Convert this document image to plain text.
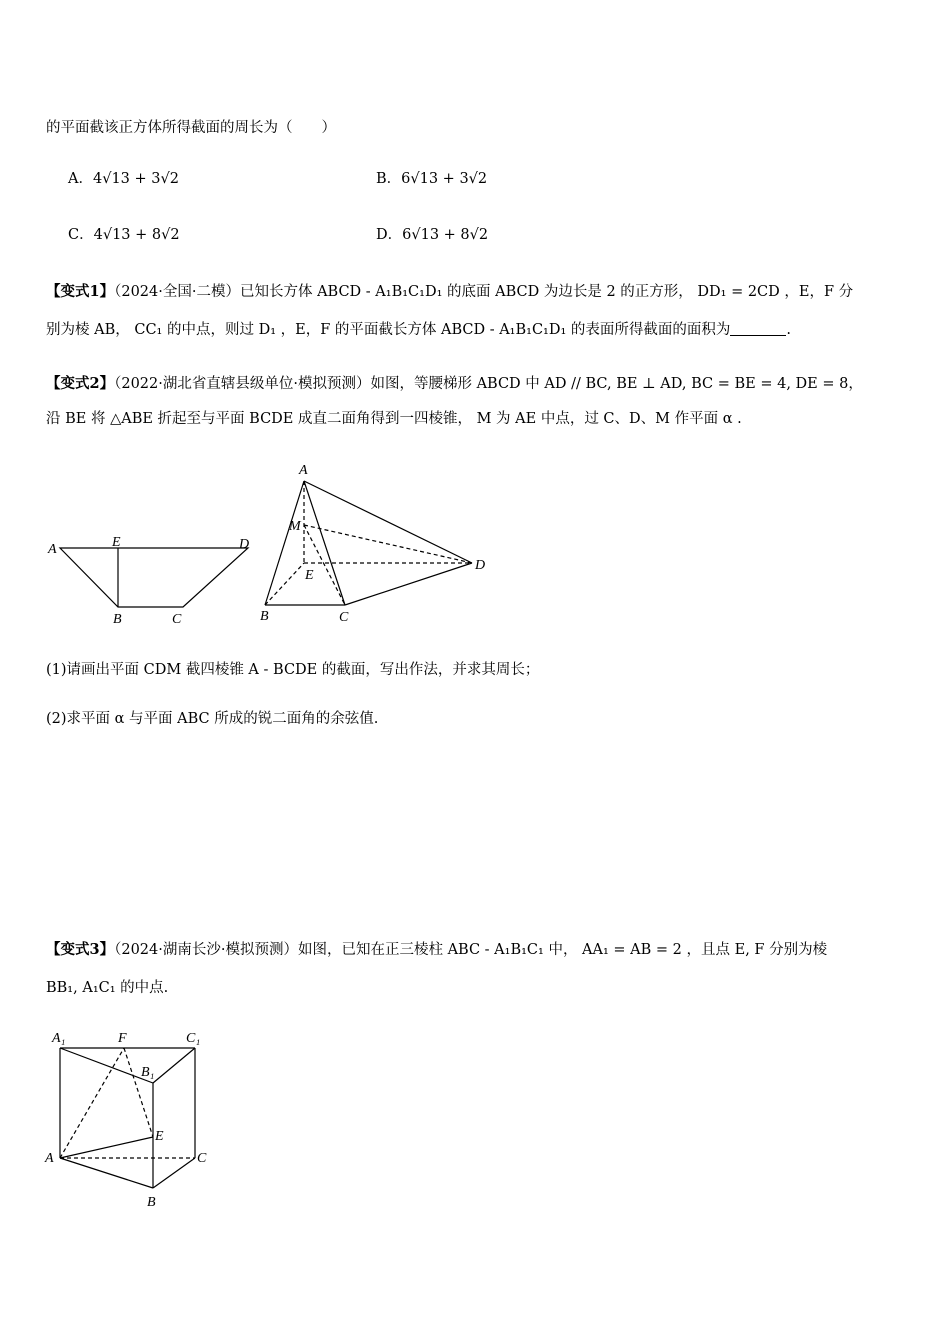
的平面截该正方体所得截面的周长为（　　）
A．4√13 + 3√2	B．6√13 + 3√2
C．4√13 + 8√2	D．6√13 + 8√2
【变式1】（2024·全国·二模）已知长方体 ABCD - A₁B₁C₁D₁ 的底面 ABCD 为边长是 2 的正方形， DD₁ = 2CD ，E，F 分
别为棱 AB， CC₁ 的中点，则过 D₁ ，E，F 的平面截长方体 ABCD - A₁B₁C₁D₁ 的表面所得截面的面积为	.
【变式2】（2022·湖北省直辖县级单位·模拟预测）如图，等腰梯形 ABCD 中 AD // BC, BE ⊥ AD, BC = BE = 4, DE = 8，
沿 BE 将 △ABE 折起至与平面 BCDE 成直二面角得到一四棱锥， M 为 AE 中点，过 C、D、M 作平面 α .
A	E	D
B	C
A
M
E
D
B	C
(1)请画出平面 CDM 截四棱锥 A - BCDE 的截面，写出作法，并求其周长；
(2)求平面 α 与平面 ABC 所成的锐二面角的余弦值.
【变式3】（2024·湖南长沙·模拟预测）如图，已知在正三棱柱 ABC - A₁B₁C₁ 中， AA₁ = AB = 2 ，且点 E, F 分别为棱
BB₁, A₁C₁ 的中点.
A₁	F	C₁
B₁
E
A	C
B
